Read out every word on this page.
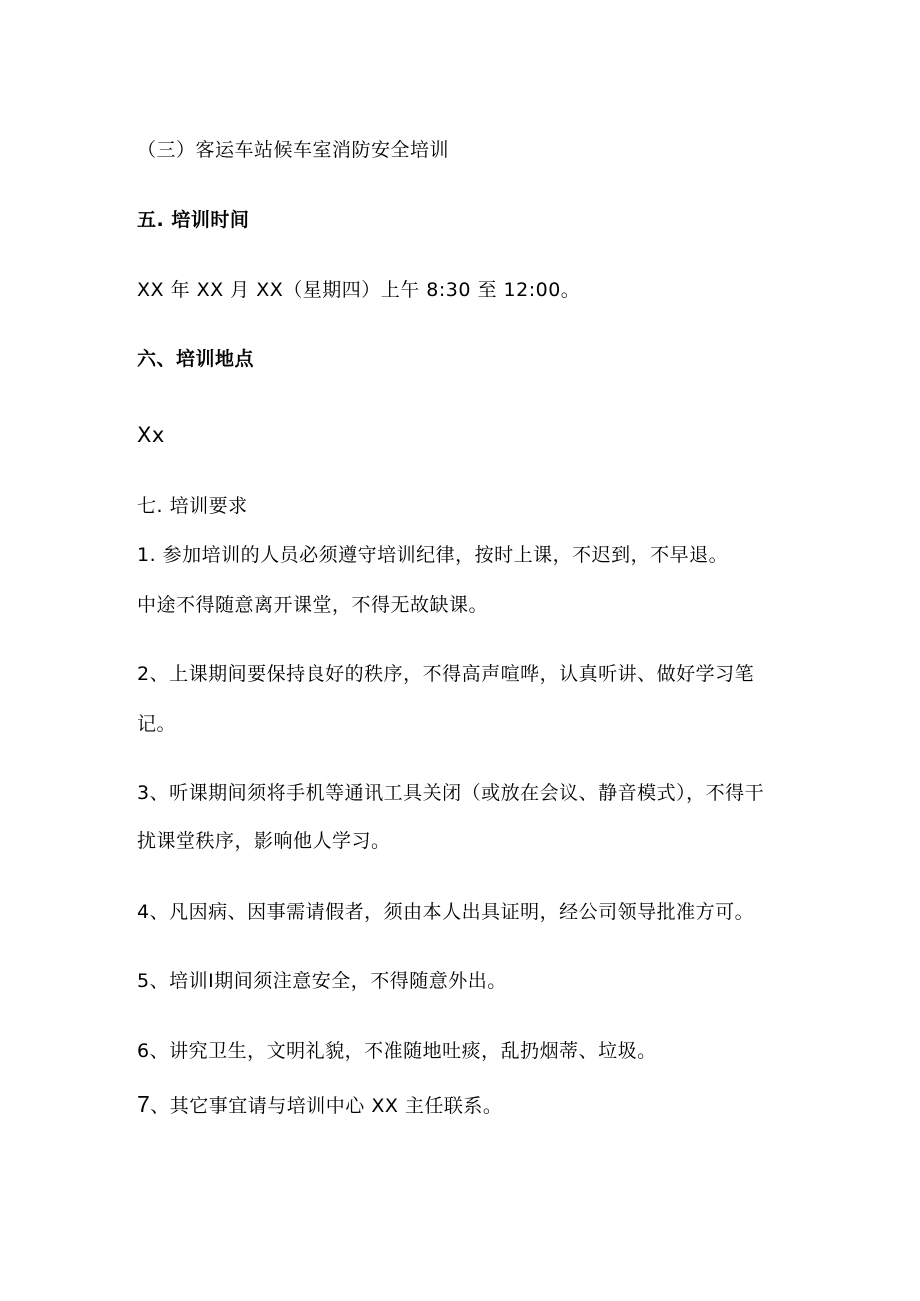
（三）客运车站候车室消防安全培训
五. 培训时间
XX 年 XX 月 XX（星期四）上午 8:30 至 12:00。
六、培训地点
Xx
七. 培训要求
1. 参加培训的人员必须遵守培训纪律，按时上课，不迟到，不早退。
中途不得随意离开课堂，不得无故缺课。
2、上课期间要保持良好的秩序，不得高声喧哗，认真听讲、做好学习笔
记。
3、听课期间须将手机等通讯工具关闭（或放在会议、静音模式），不得干
扰课堂秩序，影响他人学习。
4、凡因病、因事需请假者，须由本人出具证明，经公司领导批准方可。
5、培训Ⅰ期间须注意安全，不得随意外出。
6、讲究卫生，文明礼貌，不准随地吐痰，乱扔烟蒂、垃圾。
7、其它事宜请与培训中心 XX 主任联系。
